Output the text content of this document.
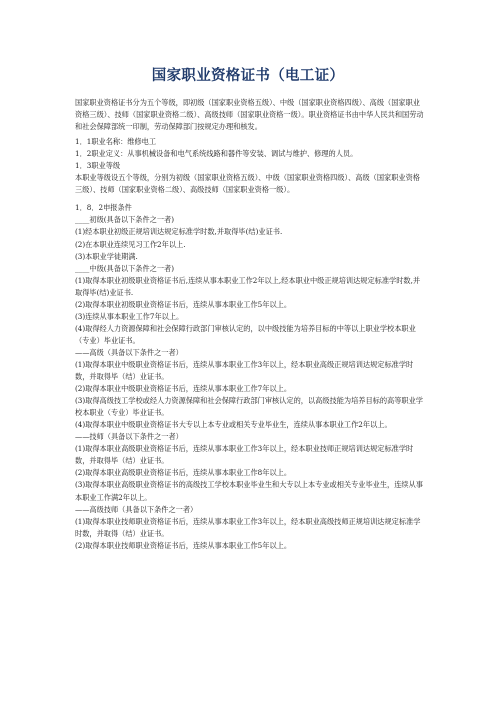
国家职业资格证书（电工证）

国家职业资格证书分为五个等级，即初级（国家职业资格五级）、中级（国家职业资格四级）、高级（国家职业资格三级）、技师（国家职业资格二级）、高级技师（国家职业资格一级）。职业资格证书由中华人民共和国劳动和社会保障部统一印制，劳动保障部门按规定办理和核发。

1．1职业名称：维修电工

1．2职业定义：从事机械设备和电气系统线路和器件等安装、调试与维护、修理的人员。

1．3职业等级

本职业等级设五个等级，分别为初级（国家职业资格五级）、中级（国家职业资格四级）、高级（国家职业资格三级）、技师（国家职业资格二级）、高级技师（国家职业资格一级）。

1．8．2申报条件

____初级(具备以下条件之一者)

(1)经本职业初级正规培训达规定标准学时数,并取得毕(结)业证书.

(2)在本职业连续见习工作2年以上.

(3)本职业学徒期满.

____中级(具备以下条件之一者)

(1)取得本职业初级职业资格证书后,连续从事本职业工作2年以上,经本职业中级正规培训达规定标准学时数,并取得毕(结)业证书.

(2)取得本职业初级职业资格证书后，连续从事本职业工作5年以上。

(3)连续从事本职业工作7年以上。

(4)取得经人力资源保障和社会保障行政部门审核认定的，以中级技能为培养目标的中等以上职业学校本职业（专业）毕业证书。

——高级（具备以下条件之一者）

(1)取得本职业中级职业资格证书后，连续从事本职业工作3年以上，经本职业高级正规培训达规定标准学时数，并取得毕（结）业证书。

(2)取得本职业中级职业资格证书后，连续从事本职业工作7年以上。

(3)取得高级技工学校或经人力资源保障和社会保障行政部门审核认定的，以高级技能为培养目标的高等职业学校本职业（专业）毕业证书。

(4)取得本职业中级职业资格证书大专以上本专业或相关专业毕业生，连续从事本职业工作2年以上。

——技师（具备以下条件之一者）

(1)取得本职业高级职业资格证书后，连续从事本职业工作3年以上，经本职业技师正规培训达规定标准学时数，并取得毕（结）业证书。

(2)取得本职业高级职业资格证书后，连续从事本职业工作8年以上。

(3)取得本职业高级职业资格证书的高级技工学校本职业毕业生和大专以上本专业或相关专业毕业生，连续从事本职业工作满2年以上。

——高级技师（具备以下条件之一者）

(1)取得本职业技师职业资格证书后，连续从事本职业工作3年以上，经本职业高级技师正规培训达规定标准学时数，并取得（结）业证书。

(2)取得本职业技师职业资格证书后，连续从事本职业工作5年以上。
